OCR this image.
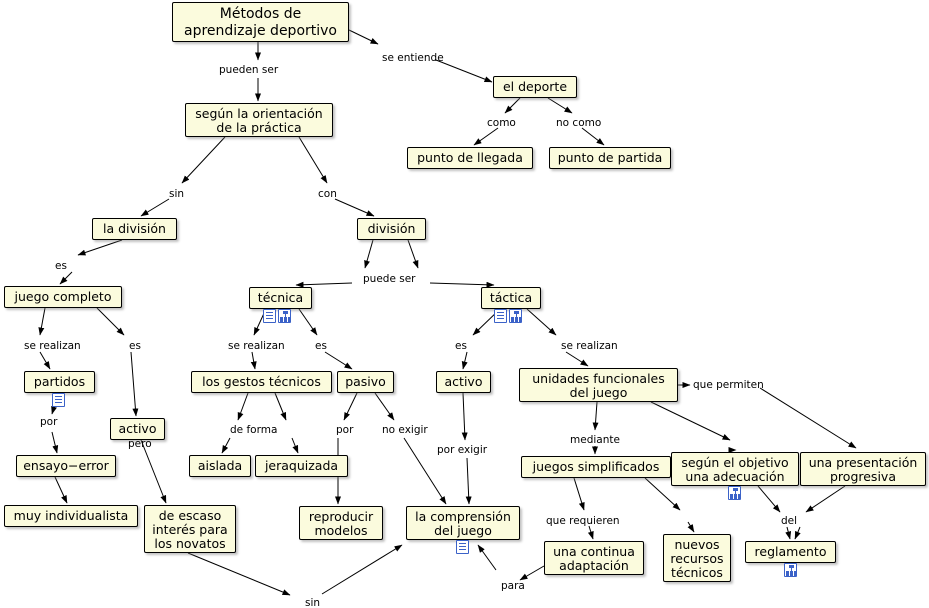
Métodos de
aprendizaje deportivo
el deporte
según la orientación
de la práctica
punto de llegada	punto de partida
la división	división
juego completo	técnica	táctica
partidos	los gestos técnicos	pasivo	activo	unidades funcionales
del juego
activo
ensayo−error	aislada jeraquizada	juegos simplificados	según el objetivo
una adecuación
una presentación
progresiva
muy individualista	de escaso
interés para
los novatos
reproducir
modelos
la comprensión
del juego
nuevos
recursos
técnicos
una continua
adaptación
reglamento
pueden ser
se entiende
como	no como
sin	con
es
puede ser
se realizan	es	se realizan	es	es	se realizan
por
pero
de forma	por	no exigir
por exigir
que permiten
mediante
que requieren	del
para
sin
